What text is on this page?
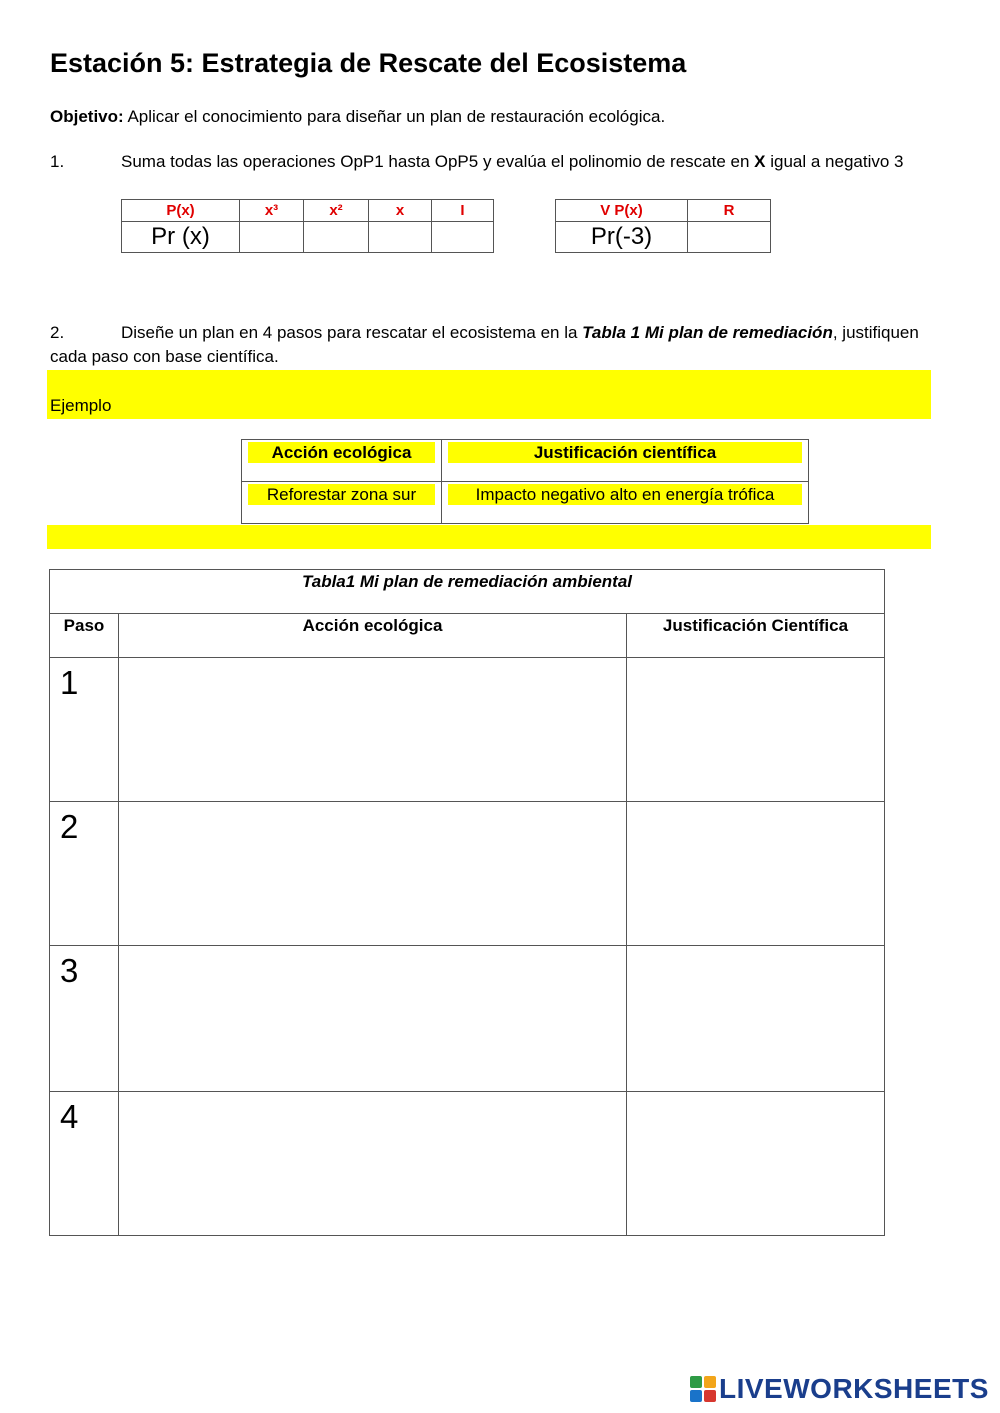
Estación 5: Estrategia de Rescate del Ecosistema
Objetivo: Aplicar el conocimiento para diseñar un plan de restauración ecológica.
1.	Suma todas las operaciones OpP1 hasta OpP5 y evalúa el polinomio de rescate en X igual a negativo 3
P(x)	x³	x²	x	I
Pr (x)				
V P(x)	R
Pr(-3)	
2.	Diseñe un plan en 4 pasos para rescatar el ecosistema en la Tabla 1 Mi plan de remediación, justifiquen cada paso con base científica.
Ejemplo
Acción ecológica	Justificación científica

Reforestar zona sur	Impacto negativo alto en energía trófica
Tabla1 Mi plan de remediación ambiental		
Paso	Acción ecológica	Justificación Científica
1		
2		
3		
4		
LIVEWORKSHEETS
